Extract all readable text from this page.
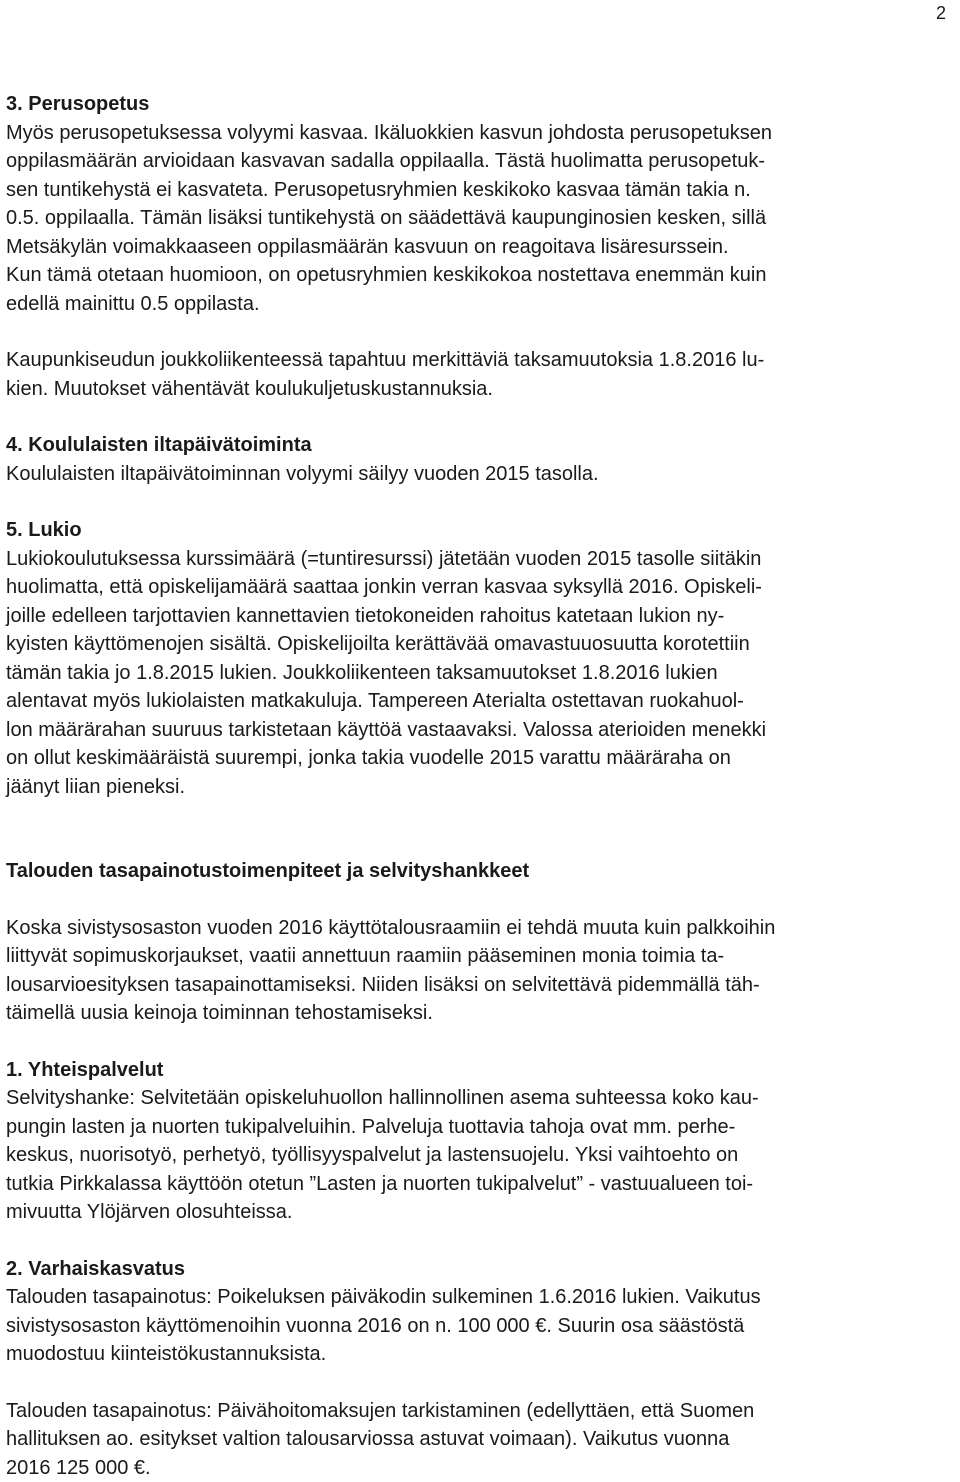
2
3. Perusopetus

Myös perusopetuksessa volyymi kasvaa. Ikäluokkien kasvun johdosta perusopetuksen
oppilasmäärän arvioidaan kasvavan sadalla oppilaalla. Tästä huolimatta perusopetuk-
sen tuntikehystä ei kasvateta. Perusopetusryhmien keskikoko kasvaa tämän takia n.
0.5. oppilaalla. Tämän lisäksi tuntikehystä on säädettävä kaupunginosien kesken, sillä
Metsäkylän voimakkaaseen oppilasmäärän kasvuun on reagoitava lisäresurssein.
Kun tämä otetaan huomioon, on opetusryhmien keskikokoa nostettava enemmän kuin
edellä mainittu 0.5 oppilasta.

Kaupunkiseudun joukkoliikenteessä tapahtuu merkittäviä taksamuutoksia 1.8.2016 lu-
kien. Muutokset vähentävät koulukuljetuskustannuksia.

4. Koululaisten iltapäivätoiminta

Koululaisten iltapäivätoiminnan volyymi säilyy vuoden 2015 tasolla.

5. Lukio

Lukiokoulutuksessa kurssimäärä (=tuntiresurssi) jätetään vuoden 2015 tasolle siitäkin
huolimatta, että opiskelijamäärä saattaa jonkin verran kasvaa syksyllä 2016. Opiskeli-
joille edelleen tarjottavien kannettavien tietokoneiden rahoitus katetaan lukion ny-
kyisten käyttömenojen sisältä. Opiskelijoilta kerättävää omavastuuosuutta korotettiin
tämän takia jo 1.8.2015 lukien. Joukkoliikenteen taksamuutokset 1.8.2016 lukien
alentavat myös lukiolaisten matkakuluja. Tampereen Aterialta ostettavan ruokahuol-
lon määrärahan suuruus tarkistetaan käyttöä vastaavaksi. Valossa aterioiden menekki
on ollut keskimääräistä suurempi, jonka takia vuodelle 2015 varattu määräraha on
jäänyt liian pieneksi.

Talouden tasapainotustoimenpiteet ja selvityshankkeet

Koska sivistysosaston vuoden 2016 käyttötalousraamiin ei tehdä muuta kuin palkkoihin
liittyvät sopimuskorjaukset, vaatii annettuun raamiin pääseminen monia toimia ta-
lousarvioesityksen tasapainottamiseksi. Niiden lisäksi on selvitettävä pidemmällä täh-
täimellä uusia keinoja toiminnan tehostamiseksi.

1. Yhteispalvelut

Selvityshanke: Selvitetään opiskeluhuollon hallinnollinen asema suhteessa koko kau-
pungin lasten ja nuorten tukipalveluihin. Palveluja tuottavia tahoja ovat mm. perhe-
keskus, nuorisotyö, perhetyö, työllisyyspalvelut ja lastensuojelu. Yksi vaihtoehto on
tutkia Pirkkalassa käyttöön otetun ”Lasten ja nuorten tukipalvelut” - vastuualueen toi-
mivuutta Ylöjärven olosuhteissa.

2. Varhaiskasvatus

Talouden tasapainotus: Poikeluksen päiväkodin sulkeminen 1.6.2016 lukien. Vaikutus
sivistysosaston käyttömenoihin vuonna 2016 on n. 100 000 €. Suurin osa säästöstä
muodostuu kiinteistökustannuksista.

Talouden tasapainotus: Päivähoitomaksujen tarkistaminen (edellyttäen, että Suomen
hallituksen ao. esitykset valtion talousarviossa astuvat voimaan). Vaikutus vuonna
2016 125 000 €.
